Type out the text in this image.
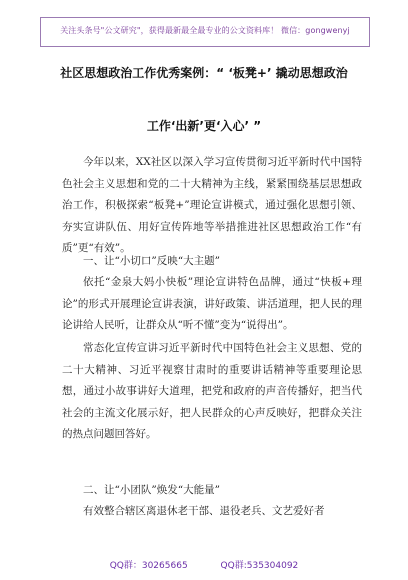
关注头条号"公文研究"，获得最新最全最专业的公文资料库！ 微信：gongwenyj
社区思想政治工作优秀案例：“ ‘板凳+’ 撬动思想政治
工作‘出新’更‘入心’ ”

今年以来，XX社区以深入学习宣传贯彻习近平新时代中国特色社会主义思想和党的二十大精神为主线，紧紧围绕基层思想政治工作，积极探索“板凳+”理论宣讲模式，通过强化思想引领、夯实宣讲队伍、用好宣传阵地等举措推进社区思想政治工作“有质”更“有效”。

一、让“小切口”反映“大主题”

依托“金泉大妈小快板”理论宣讲特色品牌，通过“快板+理论”的形式开展理论宣讲表演，讲好政策、讲活道理，把人民的理论讲给人民听，让群众从“听不懂”变为“说得出”。

常态化宣传宣讲习近平新时代中国特色社会主义思想、党的二十大精神、习近平视察甘肃时的重要讲话精神等重要理论思想，通过小故事讲好大道理，把党和政府的声音传播好，把当代社会的主流文化展示好，把人民群众的心声反映好，把群众关注的热点问题回答好。

二、让“小团队”焕发“大能量”

有效整合辖区离退休老干部、退役老兵、文艺爱好者

QQ群：30265665	QQ群:535304092
